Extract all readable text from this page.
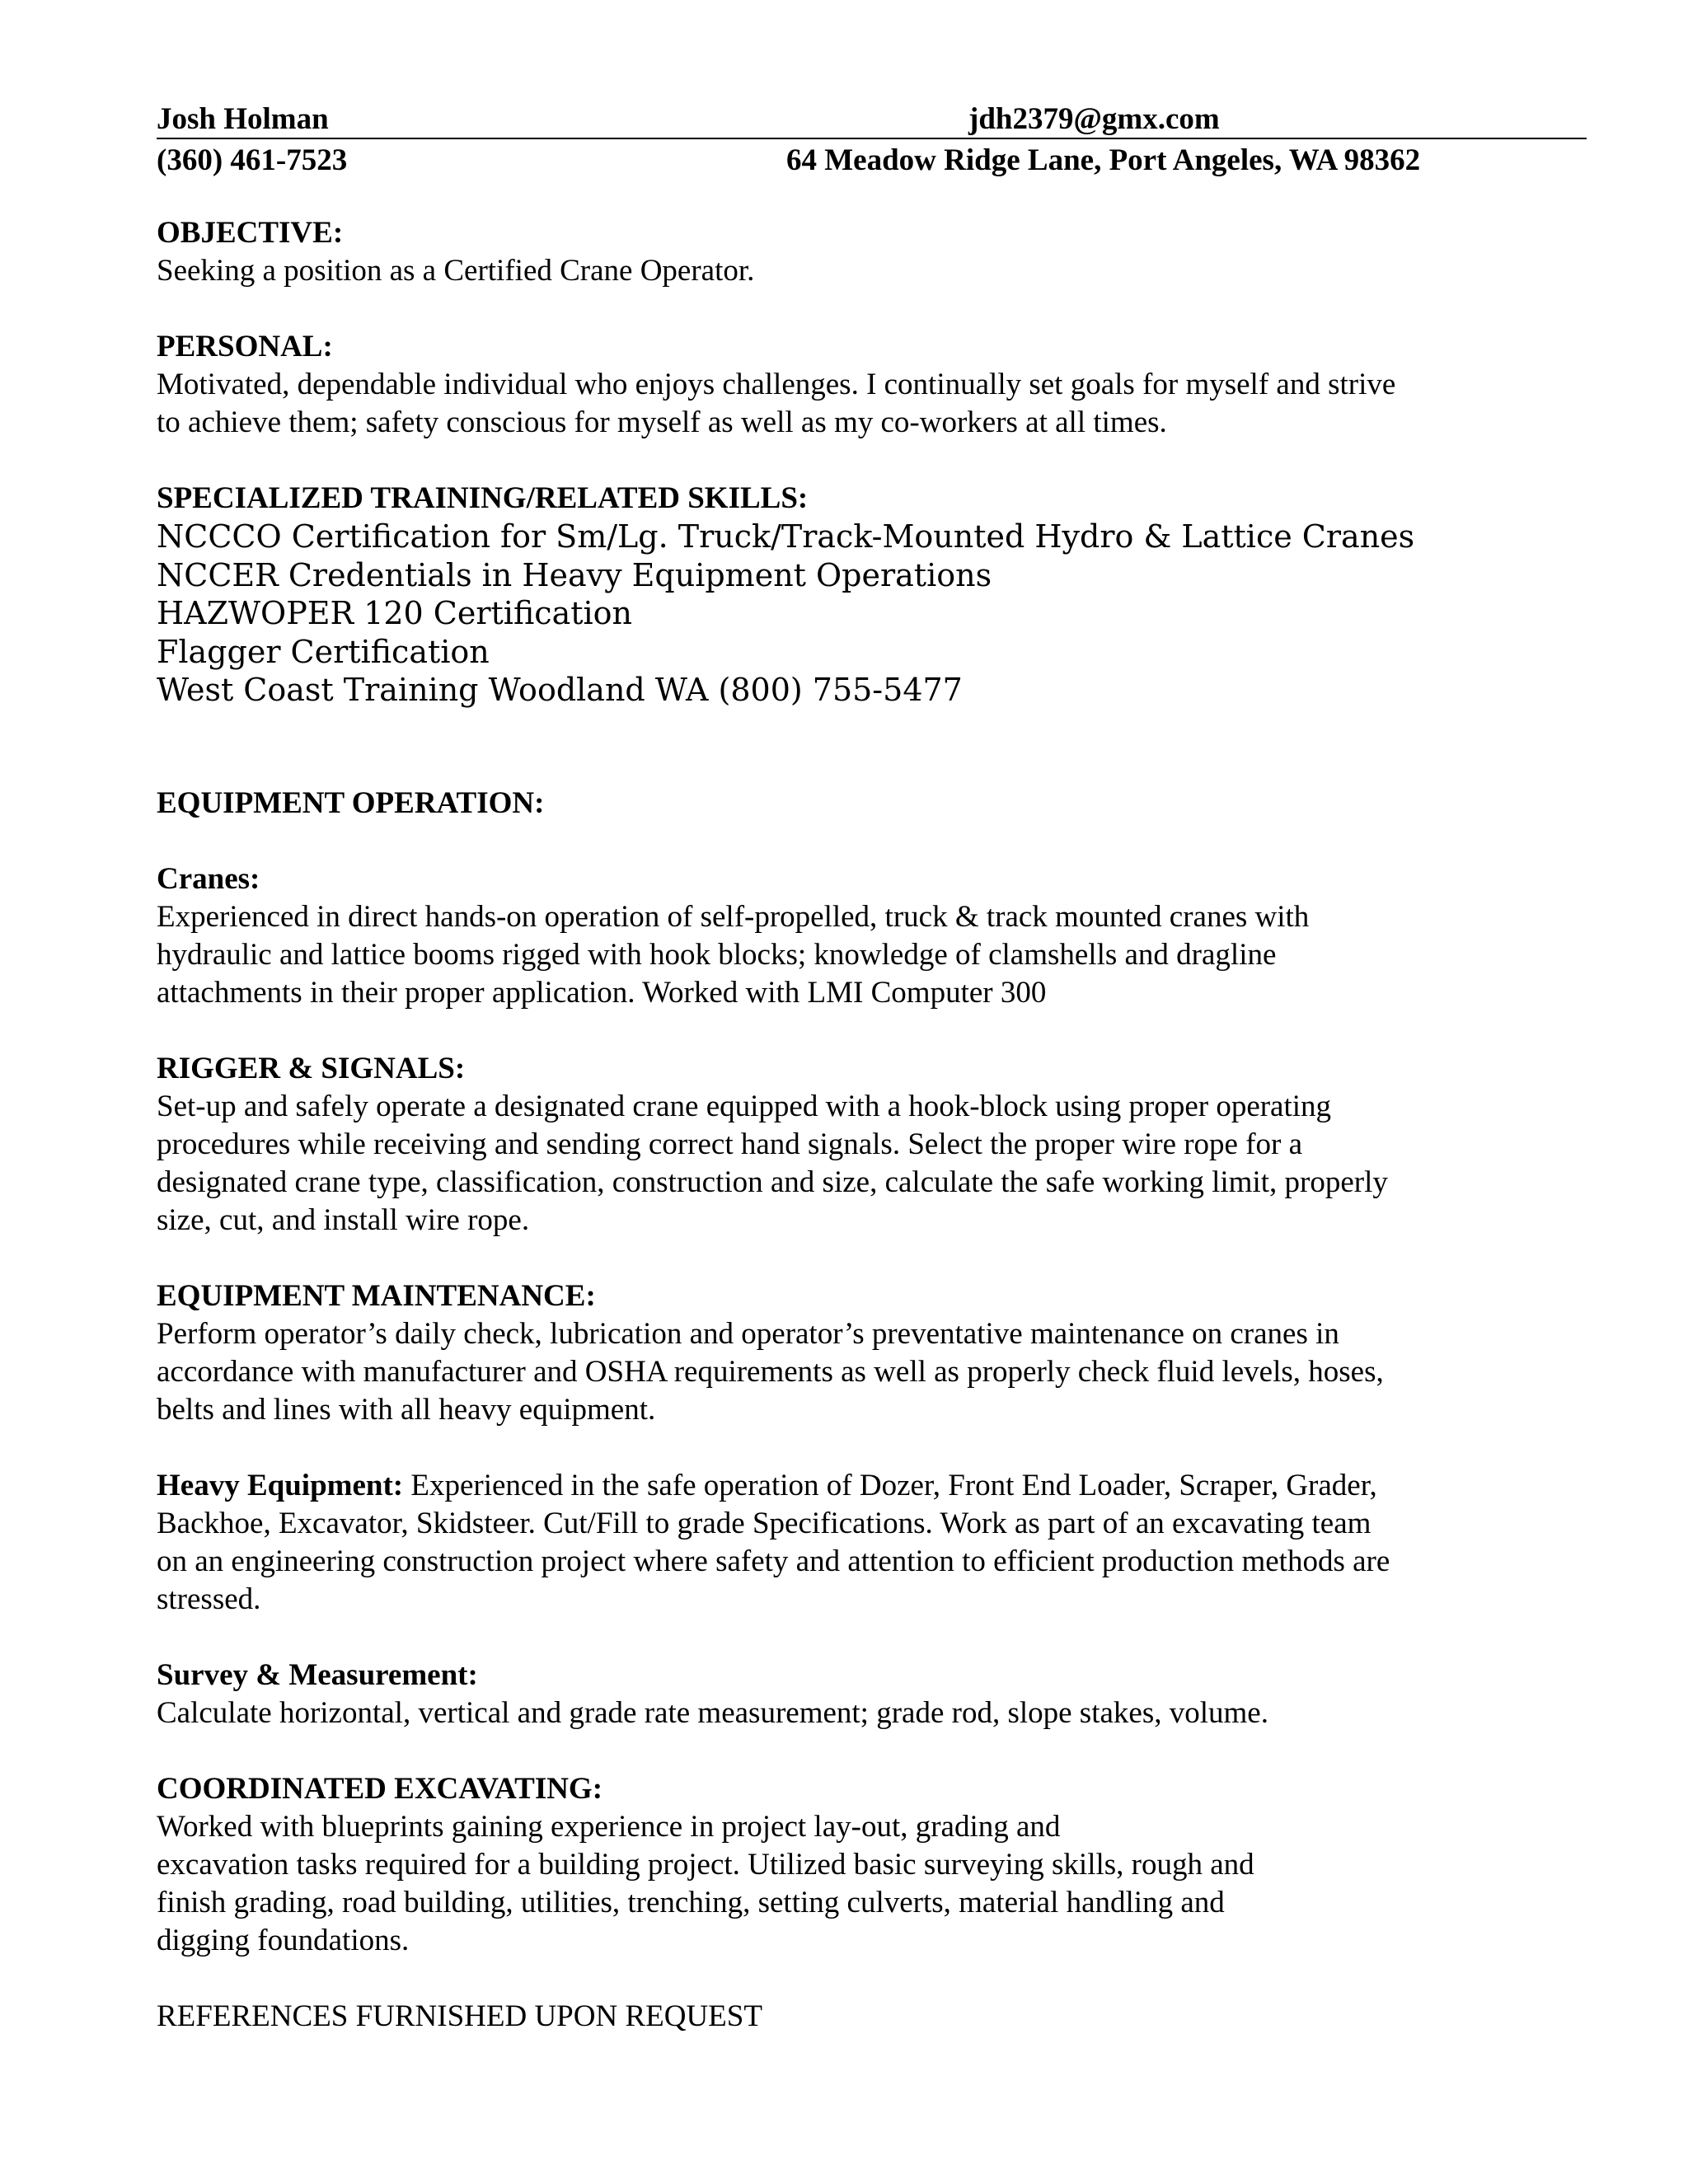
Josh Holman	jdh2379@gmx.com
(360) 461-7523	64 Meadow Ridge Lane, Port Angeles, WA 98362

OBJECTIVE:

Seeking a position as a Certified Crane Operator.

PERSONAL:

Motivated, dependable individual who enjoys challenges. I continually set goals for myself and strive
to achieve them; safety conscious for myself as well as my co-workers at all times.

SPECIALIZED TRAINING/RELATED SKILLS:

NCCCO Certification for Sm/Lg. Truck/Track-Mounted Hydro & Lattice Cranes
NCCER Credentials in Heavy Equipment Operations
HAZWOPER 120 Certification
Flagger Certification
West Coast Training Woodland WA (800) 755-5477

EQUIPMENT OPERATION:

Cranes:

Experienced in direct hands-on operation of self-propelled, truck & track mounted cranes with
hydraulic and lattice booms rigged with hook blocks; knowledge of clamshells and dragline
attachments in their proper application. Worked with LMI Computer 300

RIGGER & SIGNALS:

Set-up and safely operate a designated crane equipped with a hook-block using proper operating
procedures while receiving and sending correct hand signals. Select the proper wire rope for a
designated crane type, classification, construction and size, calculate the safe working limit, properly
size, cut, and install wire rope.

EQUIPMENT MAINTENANCE:

Perform operator’s daily check, lubrication and operator’s preventative maintenance on cranes in
accordance with manufacturer and OSHA requirements as well as properly check fluid levels, hoses,
belts and lines with all heavy equipment.

Heavy Equipment: Experienced in the safe operation of Dozer, Front End Loader, Scraper, Grader,
Backhoe, Excavator, Skidsteer. Cut/Fill to grade Specifications. Work as part of an excavating team
on an engineering construction project where safety and attention to efficient production methods are
stressed.

Survey & Measurement:

Calculate horizontal, vertical and grade rate measurement; grade rod, slope stakes, volume.

COORDINATED EXCAVATING:

Worked with blueprints gaining experience in project lay-out, grading and
excavation tasks required for a building project. Utilized basic surveying skills, rough and
finish grading, road building, utilities, trenching, setting culverts, material handling and
digging foundations.

REFERENCES FURNISHED UPON REQUEST
